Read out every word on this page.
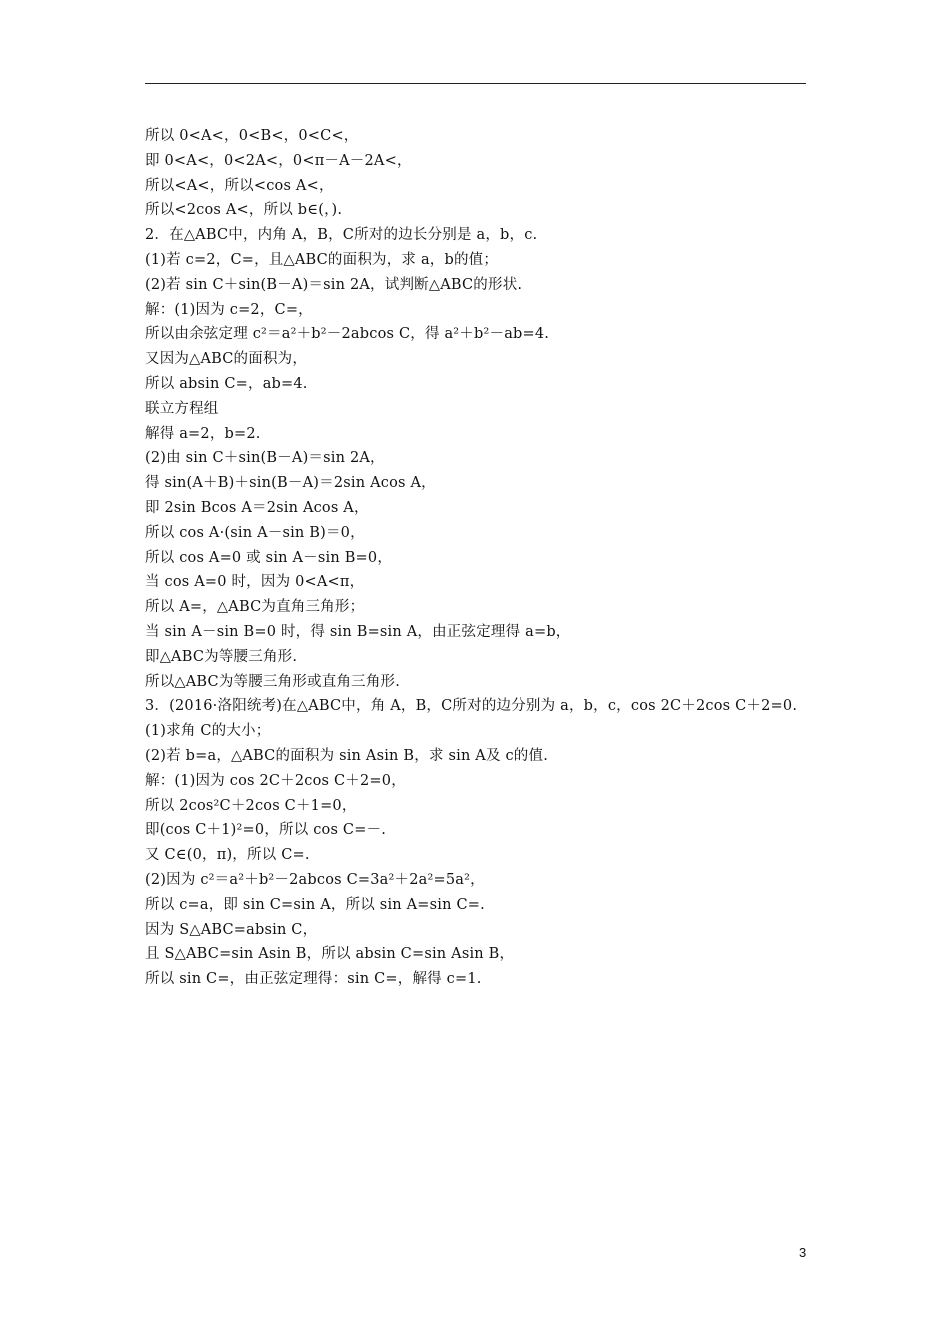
所以 0<A<，0<B<，0<C<，
即 0<A<，0<2A<，0<π－A－2A<，
所以<A<，所以<cos A<，
所以<2cos A<，所以 b∈(，).
2．在△ABC中，内角 A，B，C所对的边长分别是 a，b，c.
(1)若 c=2，C=，且△ABC的面积为，求 a，b的值；
(2)若 sin C＋sin(B－A)＝sin 2A，试判断△ABC的形状.
解：(1)因为 c=2，C=，
所以由余弦定理 c²＝a²＋b²－2abcos C，得 a²＋b²－ab=4.
又因为△ABC的面积为，
所以 absin C=，ab=4.
联立方程组
解得 a=2，b=2.
(2)由 sin C＋sin(B－A)＝sin 2A，
得 sin(A＋B)＋sin(B－A)＝2sin Acos A，
即 2sin Bcos A＝2sin Acos A，
所以 cos A·(sin A－sin B)＝0，
所以 cos A=0 或 sin A－sin B=0，
当 cos A=0 时，因为 0<A<π，
所以 A=，△ABC为直角三角形；
当 sin A－sin B=0 时，得 sin B=sin A，由正弦定理得 a=b，
即△ABC为等腰三角形.
所以△ABC为等腰三角形或直角三角形.
3．(2016·洛阳统考)在△ABC中，角 A，B，C所对的边分别为 a，b，c，cos 2C＋2cos C＋2=0.
(1)求角 C的大小；
(2)若 b=a，△ABC的面积为 sin Asin B，求 sin A及 c的值.
解：(1)因为 cos 2C＋2cos C＋2=0，
所以 2cos²C＋2cos C＋1=0，
即(cos C＋1)²=0，所以 cos C=－.
又 C∈(0，π)，所以 C=.
(2)因为 c²＝a²＋b²－2abcos C=3a²＋2a²=5a²，
所以 c=a，即 sin C=sin A，所以 sin A=sin C=.
因为 S△ABC=absin C，
且 S△ABC=sin Asin B，所以 absin C=sin Asin B，
所以 sin C=，由正弦定理得：sin C=，解得 c=1.
3
